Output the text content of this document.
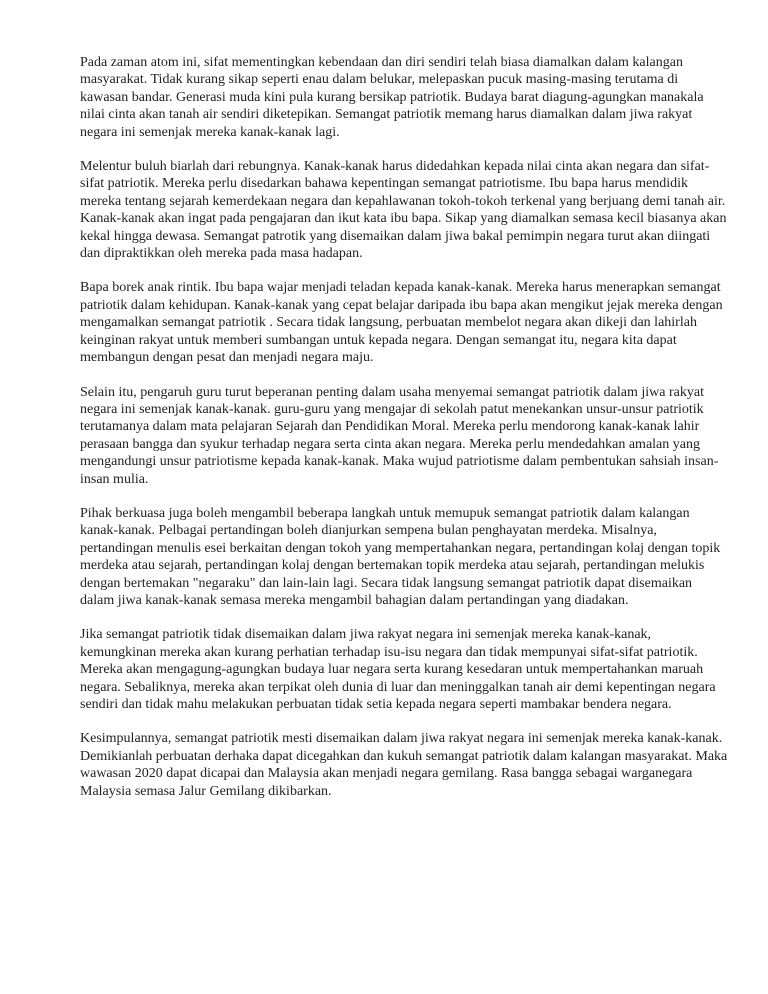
Pada zaman atom ini, sifat mementingkan kebendaan dan diri sendiri telah biasa diamalkan dalam kalangan masyarakat. Tidak kurang sikap seperti enau dalam belukar, melepaskan pucuk masing-masing terutama di kawasan bandar. Generasi muda kini pula kurang bersikap patriotik. Budaya barat diagung-agungkan manakala nilai cinta akan tanah air sendiri diketepikan. Semangat patriotik memang harus diamalkan dalam jiwa rakyat negara ini semenjak mereka kanak-kanak lagi.

Melentur buluh biarlah dari rebungnya. Kanak-kanak harus didedahkan kepada nilai cinta akan negara dan sifat-sifat patriotik. Mereka perlu disedarkan bahawa kepentingan semangat patriotisme. Ibu bapa harus mendidik mereka tentang sejarah kemerdekaan negara dan kepahlawanan tokoh-tokoh terkenal yang berjuang demi tanah air. Kanak-kanak akan ingat pada pengajaran dan ikut kata ibu bapa. Sikap yang diamalkan semasa kecil biasanya akan kekal hingga dewasa. Semangat patrotik yang disemaikan dalam jiwa bakal pemimpin negara turut akan diingati dan dipraktikkan oleh mereka pada masa hadapan.

Bapa borek anak rintik. Ibu bapa wajar menjadi teladan kepada kanak-kanak. Mereka harus menerapkan semangat patriotik dalam kehidupan. Kanak-kanak yang cepat belajar daripada ibu bapa akan mengikut jejak mereka dengan mengamalkan semangat patriotik . Secara tidak langsung, perbuatan membelot negara akan dikeji dan lahirlah keinginan rakyat untuk memberi sumbangan untuk kepada negara. Dengan semangat itu, negara kita dapat membangun dengan pesat dan menjadi negara maju.

Selain itu, pengaruh guru turut beperanan penting dalam usaha menyemai semangat patriotik dalam jiwa rakyat negara ini semenjak kanak-kanak. guru-guru yang mengajar di sekolah patut menekankan unsur-unsur patriotik terutamanya dalam mata pelajaran Sejarah dan Pendidikan Moral. Mereka perlu mendorong kanak-kanak lahir perasaan bangga dan syukur terhadap negara serta cinta akan negara. Mereka perlu mendedahkan amalan yang mengandungi unsur patriotisme kepada kanak-kanak. Maka wujud patriotisme dalam pembentukan sahsiah insan-insan mulia.

Pihak berkuasa juga boleh mengambil beberapa langkah untuk memupuk semangat patriotik dalam kalangan kanak-kanak. Pelbagai pertandingan boleh dianjurkan sempena bulan penghayatan merdeka. Misalnya, pertandingan menulis esei berkaitan dengan tokoh yang mempertahankan negara, pertandingan kolaj dengan topik merdeka atau sejarah, pertandingan kolaj dengan bertemakan topik merdeka atau sejarah, pertandingan melukis dengan bertemakan "negaraku" dan lain-lain lagi. Secara tidak langsung semangat patriotik dapat disemaikan dalam jiwa kanak-kanak semasa mereka mengambil bahagian dalam pertandingan yang diadakan.

Jika semangat patriotik tidak disemaikan dalam jiwa rakyat negara ini semenjak mereka kanak-kanak, kemungkinan mereka akan kurang perhatian terhadap isu-isu negara dan tidak mempunyai sifat-sifat patriotik. Mereka akan mengagung-agungkan budaya luar negara serta kurang kesedaran untuk mempertahankan maruah negara. Sebaliknya, mereka akan terpikat oleh dunia di luar dan meninggalkan tanah air demi kepentingan negara sendiri dan tidak mahu melakukan perbuatan tidak setia kepada negara seperti mambakar bendera negara.

Kesimpulannya, semangat patriotik mesti disemaikan dalam jiwa rakyat negara ini semenjak mereka kanak-kanak. Demikianlah perbuatan derhaka dapat dicegahkan dan kukuh semangat patriotik dalam kalangan masyarakat. Maka wawasan 2020 dapat dicapai dan Malaysia akan menjadi negara gemilang. Rasa bangga sebagai warganegara Malaysia semasa Jalur Gemilang dikibarkan.
